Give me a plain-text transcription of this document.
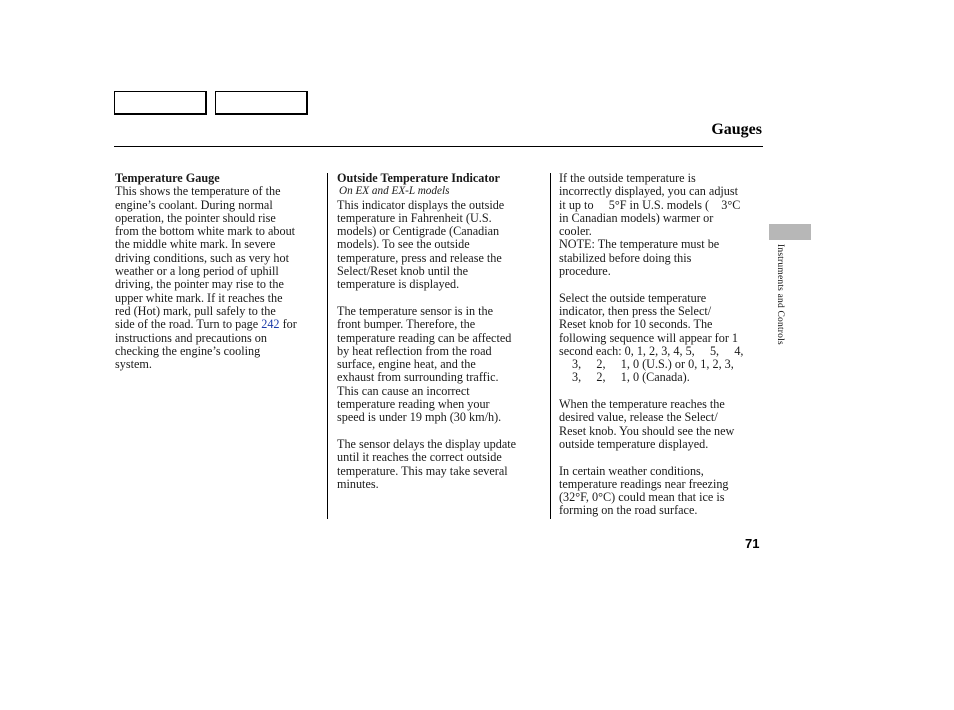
Gauges
Temperature Gauge
This shows the temperature of the
engine’s coolant. During normal
operation, the pointer should rise
from the bottom white mark to about
the middle white mark. In severe
driving conditions, such as very hot
weather or a long period of uphill
driving, the pointer may rise to the
upper white mark. If it reaches the
red (Hot) mark, pull safely to the
side of the road. Turn to page 242 for
instructions and precautions on
checking the engine’s cooling
system.
Outside Temperature Indicator
On EX and EX-L models
This indicator displays the outside
temperature in Fahrenheit (U.S.
models) or Centigrade (Canadian
models). To see the outside
temperature, press and release the
Select/Reset knob until the
temperature is displayed.
The temperature sensor is in the
front bumper. Therefore, the
temperature reading can be affected
by heat reflection from the road
surface, engine heat, and the
exhaust from surrounding traffic.
This can cause an incorrect
temperature reading when your
speed is under 19 mph (30 km/h).
The sensor delays the display update
until it reaches the correct outside
temperature. This may take several
minutes.
If the outside temperature is
incorrectly displayed, you can adjust
it up to     5°F in U.S. models (    3°C
in Canadian models) warmer or
cooler.
NOTE: The temperature must be
stabilized before doing this
procedure.
Select the outside temperature
indicator, then press the Select/
Reset knob for 10 seconds. The
following sequence will appear for 1
second each: 0, 1, 2, 3, 4, 5,     5,     4,
3,     2,     1, 0 (U.S.) or 0, 1, 2, 3,
3,     2,     1, 0 (Canada).
When the temperature reaches the
desired value, release the Select/
Reset knob. You should see the new
outside temperature displayed.
In certain weather conditions,
temperature readings near freezing
(32°F, 0°C) could mean that ice is
forming on the road surface.
Instruments and Controls
71
